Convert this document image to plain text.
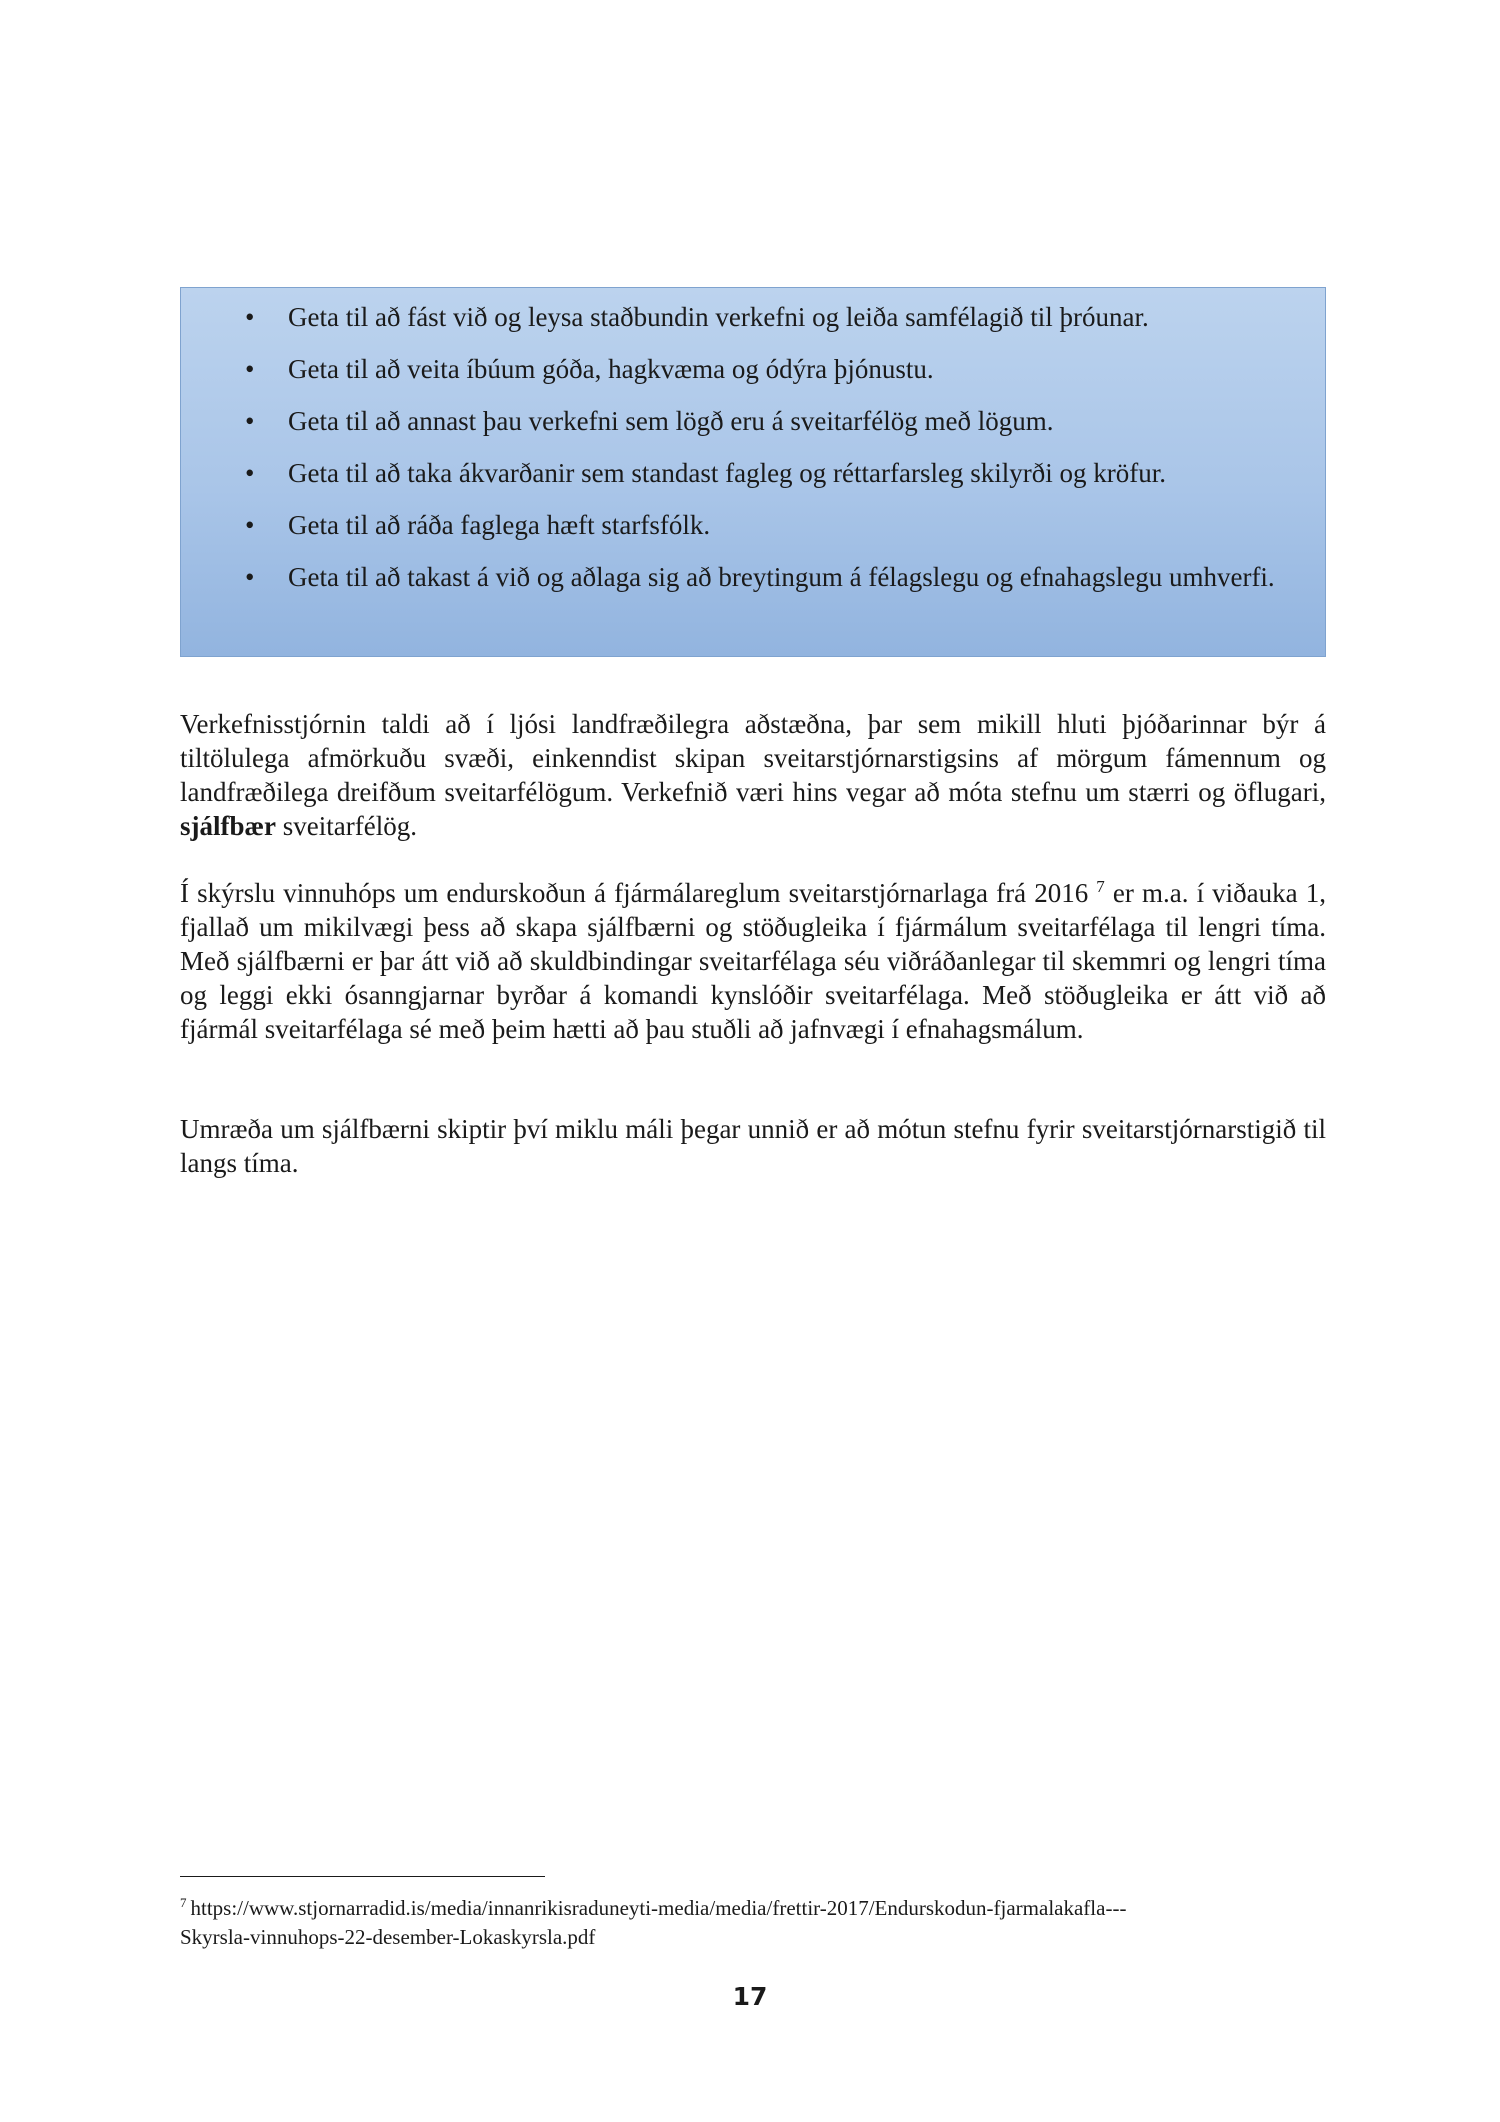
•	Geta til að fást við og leysa staðbundin verkefni og leiða samfélagið til þróunar.
•	Geta til að veita íbúum góða, hagkvæma og ódýra þjónustu.
•	Geta til að annast þau verkefni sem lögð eru á sveitarfélög með lögum.
•	Geta til að taka ákvarðanir sem standast fagleg og réttarfarsleg skilyrði og kröfur.
•	Geta til að ráða faglega hæft starfsfólk.
•	Geta til að takast á við og aðlaga sig að breytingum á félagslegu og efnahagslegu umhverfi.

Verkefnisstjórnin taldi að í ljósi landfræðilegra aðstæðna, þar sem mikill hluti þjóðarinnar býr á tiltölulega afmörkuðu svæði, einkenndist skipan sveitarstjórnarstigsins af mörgum fámennum og landfræðilega dreifðum sveitarfélögum. Verkefnið væri hins vegar að móta stefnu um stærri og öflugari, sjálfbær sveitarfélög.

Í skýrslu vinnuhóps um endurskoðun á fjármálareglum sveitarstjórnarlaga frá 2016 $^7$ er m.a. í viðauka 1, fjallað um mikilvægi þess að skapa sjálfbærni og stöðugleika í fjármálum sveitarfélaga til lengri tíma. Með sjálfbærni er þar átt við að skuldbindingar sveitarfélaga séu viðráðanlegar til skemmri og lengri tíma og leggi ekki ósanngjarnar byrðar á komandi kynslóðir sveitarfélaga. Með stöðugleika er átt við að fjármál sveitarfélaga sé með þeim hætti að þau stuðli að jafnvægi í efnahagsmálum.

Umræða um sjálfbærni skiptir því miklu máli þegar unnið er að mótun stefnu fyrir sveitarstjórnarstigið til langs tíma.

$^7$ https://www.stjornarradid.is/media/innanrikisraduneyti-media/media/frettir-2017/Endurskodun-fjarmalakafla---
Skyrsla-vinnuhops-22-desember-Lokaskyrsla.pdf
17
